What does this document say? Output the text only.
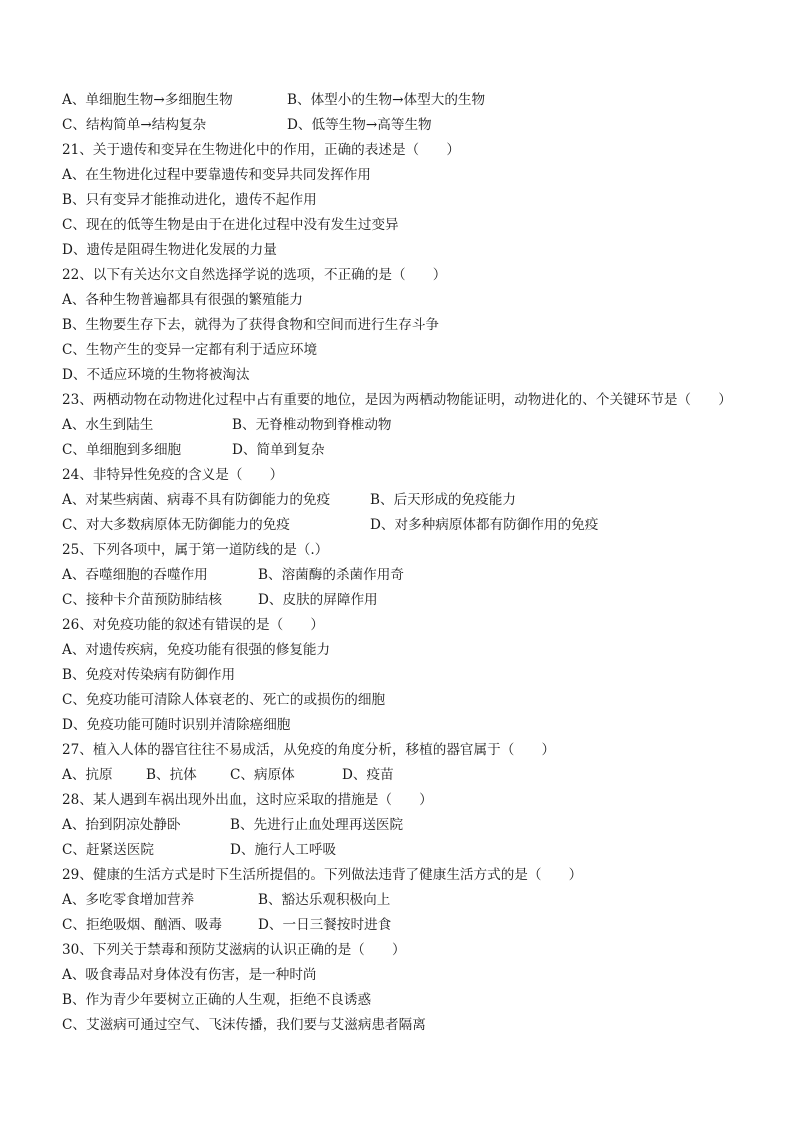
A、单细胞生物→多细胞生物	B、体型小的生物→体型大的生物
C、结构简单→结构复杂	D、低等生物→高等生物
21、关于遗传和变异在生物进化中的作用，正确的表述是（　　）
A、在生物进化过程中要靠遗传和变异共同发挥作用
B、只有变异才能推动进化，遗传不起作用
C、现在的低等生物是由于在进化过程中没有发生过变异
D、遗传是阻碍生物进化发展的力量
22、以下有关达尔文自然选择学说的选项，不正确的是（　　）
A、各种生物普遍都具有很强的繁殖能力
B、生物要生存下去，就得为了获得食物和空间而进行生存斗争
C、生物产生的变异一定都有利于适应环境
D、不适应环境的生物将被淘汰
23、两栖动物在动物进化过程中占有重要的地位，是因为两栖动物能证明，动物进化的、个关键环节是（　　）
A、水生到陆生	B、无脊椎动物到脊椎动物
C、单细胞到多细胞	D、简单到复杂
24、非特异性免疫的含义是（　　）
A、对某些病菌、病毒不具有防御能力的免疫	B、后天形成的免疫能力
C、对大多数病原体无防御能力的免疫	D、对多种病原体都有防御作用的免疫
25、下列各项中，属于第一道防线的是（.）
A、吞噬细胞的吞噬作用	B、溶菌酶的杀菌作用奇
C、接种卡介苗预防肺结核	D、皮肤的屏障作用
26、对免疫功能的叙述有错误的是（　　）
A、对遗传疾病，免疫功能有很强的修复能力
B、免疫对传染病有防御作用
C、免疫功能可清除人体衰老的、死亡的或损伤的细胞
D、免疫功能可随时识别并清除癌细胞
27、植入人体的器官往往不易成活，从免疫的角度分析，移植的器官属于（　　）
A、抗原 B、抗体 C、病原体	D、疫苗
28、某人遇到车祸出现外出血，这时应采取的措施是（　　）
A、抬到阴凉处静卧	B、先进行止血处理再送医院
C、赶紧送医院	D、施行人工呼吸
29、健康的生活方式是时下生活所提倡的。下列做法违背了健康生活方式的是（　　）
A、多吃零食增加营养	B、豁达乐观积极向上
C、拒绝吸烟、酗酒、吸毒	D、一日三餐按时进食
30、下列关于禁毒和预防艾滋病的认识正确的是（　　）
A、吸食毒品对身体没有伤害，是一种时尚
B、作为青少年要树立正确的人生观，拒绝不良诱惑
C、艾滋病可通过空气、飞沫传播，我们要与艾滋病患者隔离
